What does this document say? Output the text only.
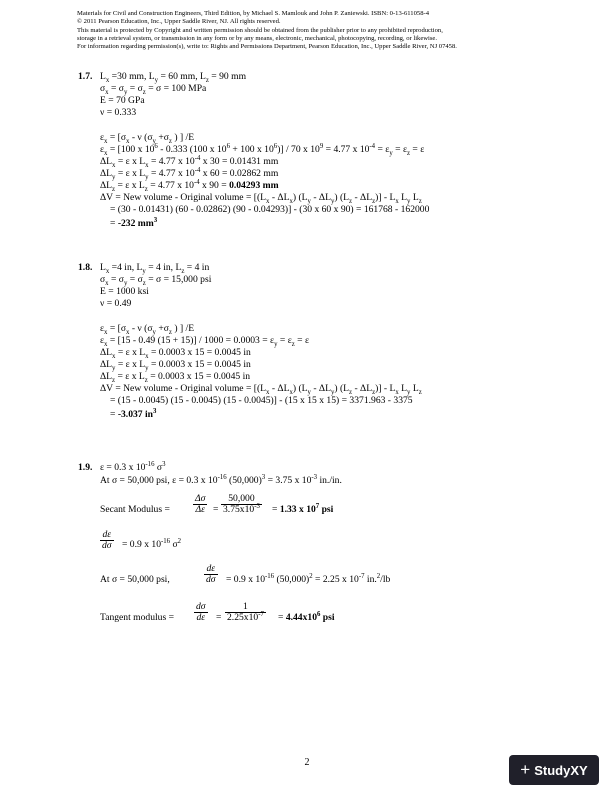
Materials for Civil and Construction Engineers, Third Edition, by Michael S. Mamlouk and John P. Zaniewski. ISBN: 0-13-611058-4
© 2011 Pearson Education, Inc., Upper Saddle River, NJ. All rights reserved.
This material is protected by Copyright and written permission should be obtained from the publisher prior to any prohibited reproduction,
storage in a retrieval system, or transmission in any form or by any means, electronic, mechanical, photocopying, recording, or likewise.
For information regarding permission(s), write to: Rights and Permissions Department, Pearson Education, Inc., Upper Saddle River, NJ 07458.
1.7. $L_x =30$ mm, $L_y = 60$ mm, $L_z = 90$ mm
$\sigma_x = \sigma_y = \sigma_z = \sigma = 100$ MPa
E = 70 GPa
ν = 0.333
$\varepsilon_x = [\sigma_x - \nu$ ($\sigma_y +\sigma_z$ ) ] /E
$\varepsilon_x = [100$ x $10^6 - 0.333$ (100 x $10^6 + 100$ x $10^6)] / 70$ x $10^9 = 4.77$ x $10^{-4} = \varepsilon_y = \varepsilon_z = \varepsilon$
$\Delta L_x = \varepsilon$ x $L_x = 4.77$ x $10^{-4}$ x 30 = 0.01431 mm
$\Delta L_y = \varepsilon$ x $L_y = 4.77$ x $10^{-4}$ x 60 = 0.02862 mm
$\Delta L_z = \varepsilon$ x $L_z = 4.77$ x $10^{-4}$ x 90 = 0.04293 mm
ΔV = New volume - Original volume = [$(L_x - \Delta L_x)$ $(L_y - \Delta L_y)$ $(L_z - \Delta L_z)] - L_x$ $L_y$ $L_z$
= (30 - 0.01431) (60 - 0.02862) (90 - 0.04293)] - (30 x 60 x 90) = 161768 - 162000
= -232 $mm^3$
1.8. $L_x =4$ in, $L_y = 4$ in, $L_z = 4$ in
$\sigma_x = \sigma_y = \sigma_z = \sigma = 15,000$ psi
E = 1000 ksi
ν = 0.49
$\varepsilon_x = [\sigma_x - \nu$ ($\sigma_y +\sigma_z$ ) ] /E
$\varepsilon_x = [15 - 0.49$ $(15 + 15)] / 1000 = 0.0003 = \varepsilon_y = \varepsilon_z = \varepsilon$
$\Delta L_x = \varepsilon$ x $L_x = 0.0003$ x 15 = 0.0045 in
$\Delta L_y = \varepsilon$ x $L_y = 0.0003$ x 15 = 0.0045 in
$\Delta L_z = \varepsilon$ x $L_z = 0.0003$ x 15 = 0.0045 in
ΔV = New volume - Original volume = [$(L_x - \Delta L_x)$ $(L_y - \Delta L_y)$ $(L_z - \Delta L_z)] - L_x$ $L_y$ $L_z$
= (15 - 0.0045) (15 - 0.0045) (15 - 0.0045)] - (15 x 15 x 15) = 3371.963 - 3375
= -3.037 $in^3$
1.9. ε = 0.3 x $10^{-16}$ $\sigma^3$
At σ = 50,000 psi, ε = 0.3 x $10^{-16}$ $(50,000)^3 = 3.75$ x $10^{-3}$ in./in.
Secant Modulus = $\frac{\Delta\sigma}{\Delta\varepsilon} = \frac{50,000}{3.75x10^{-3}} = 1.33$ x $10^7$ psi
$\frac{d\varepsilon}{d\sigma} = 0.9$ x $10^{-16}$ $\sigma^2$
At σ = 50,000 psi,	$\frac{d\varepsilon}{d\sigma} = 0.9$ x $10^{-16}$ $(50,000)^2 = 2.25$ x $10^{-7}$ in.$^2$/lb
Tangent modulus = $\frac{d\sigma}{d\varepsilon} = \frac{1}{2.25x10^{-7}} = 4.44x10^6$ psi
2	+ StudyXY
